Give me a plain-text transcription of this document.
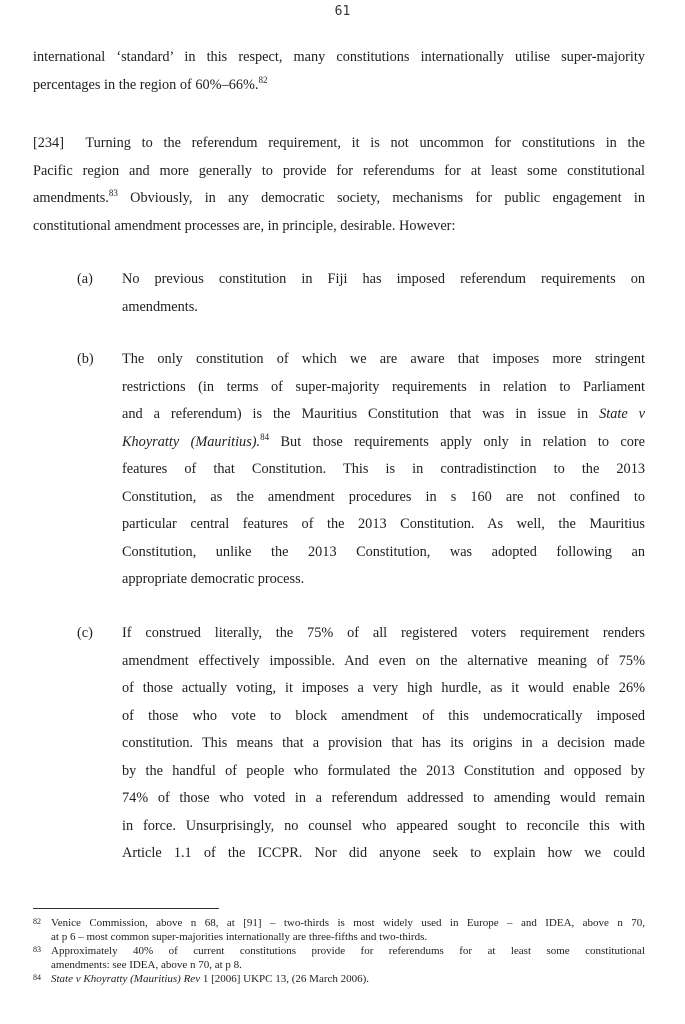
61
international ‘standard’ in this respect, many constitutions internationally utilise super-majority
percentages in the region of 60%–66%.$^{82}$
[234] Turning to the referendum requirement, it is not uncommon for constitutions in the
Pacific region and more generally to provide for referendums for at least some constitutional
amendments.$^{83}$ Obviously, in any democratic society, mechanisms for public engagement in
constitutional amendment processes are, in principle, desirable. However:
(a) No previous constitution in Fiji has imposed referendum requirements on
amendments.
(b) The only constitution of which we are aware that imposes more stringent
restrictions (in terms of super-majority requirements in relation to Parliament
and a referendum) is the Mauritius Constitution that was in issue in State v
Khoyratty (Mauritius).$^{84}$ But those requirements apply only in relation to core
features of that Constitution. This is in contradistinction to the 2013
Constitution, as the amendment procedures in s 160 are not confined to
particular central features of the 2013 Constitution. As well, the Mauritius
Constitution, unlike the 2013 Constitution, was adopted following an
appropriate democratic process.
(c) If construed literally, the 75% of all registered voters requirement renders
amendment effectively impossible. And even on the alternative meaning of 75%
of those actually voting, it imposes a very high hurdle, as it would enable 26%
of those who vote to block amendment of this undemocratically imposed
constitution. This means that a provision that has its origins in a decision made
by the handful of people who formulated the 2013 Constitution and opposed by
74% of those who voted in a referendum addressed to amending would remain
in force. Unsurprisingly, no counsel who appeared sought to reconcile this with
Article 1.1 of the ICCPR. Nor did anyone seek to explain how we could
82 Venice Commission, above n 68, at [91] – two-thirds is most widely used in Europe – and IDEA, above n 70,
at p 6 – most common super-majorities internationally are three-fifths and two-thirds.
83 Approximately 40% of current constitutions provide for referendums for at least some constitutional
amendments: see IDEA, above n 70, at p 8.
84 State v Khoyratty (Mauritius) Rev 1 [2006] UKPC 13, (26 March 2006).
